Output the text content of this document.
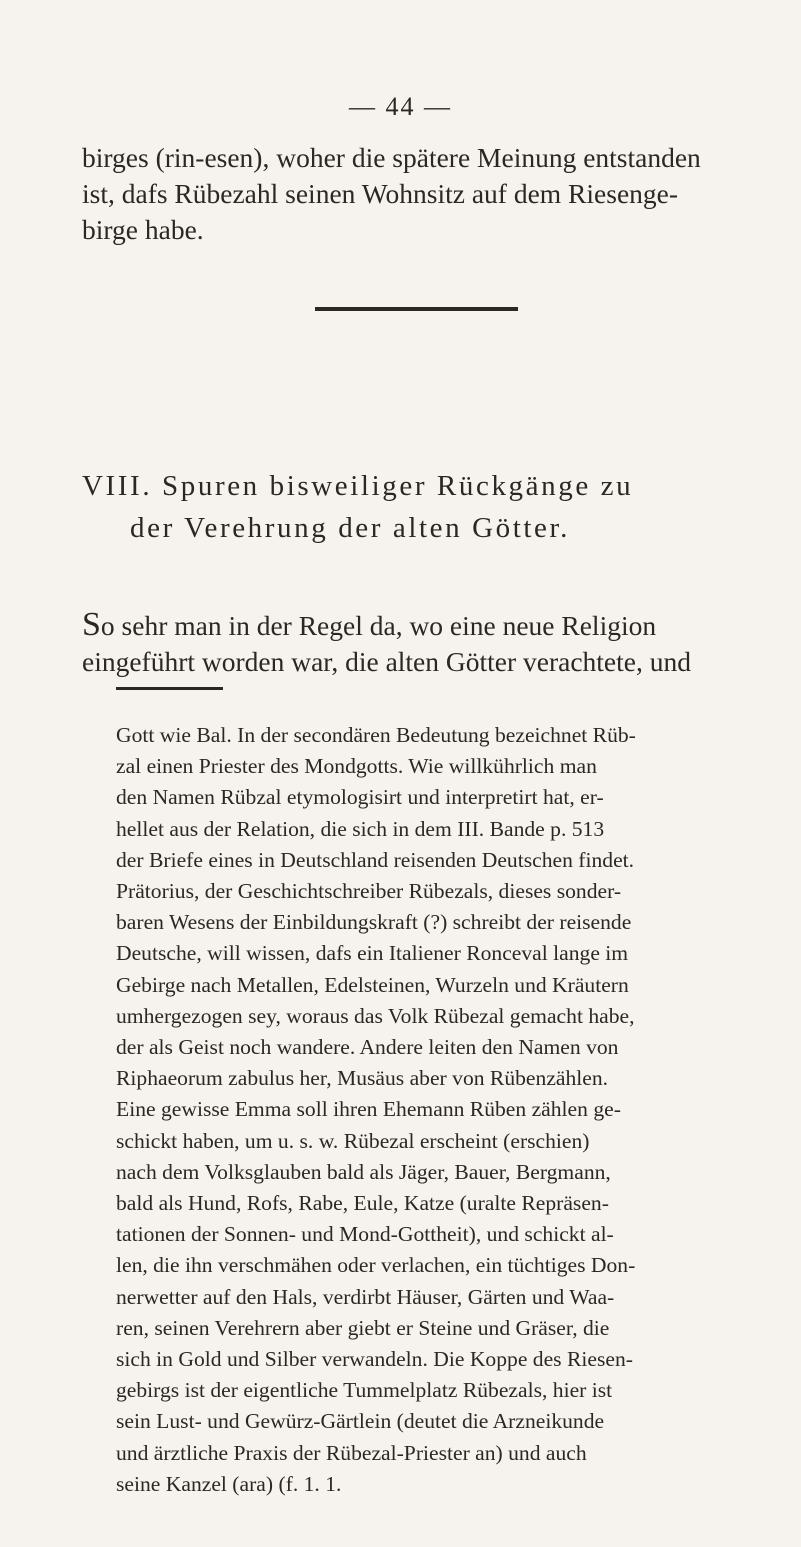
— 44 —
birges (rin-esen), woher die spätere Meinung entstanden
ist, dafs Rübezahl seinen Wohnsitz auf dem Riesenge-
birge habe.
VIII. Spuren bisweiliger Rückgänge zu
der Verehrung der alten Götter.
So sehr man in der Regel da, wo eine neue Religion
eingeführt worden war, die alten Götter verachtete, und
Gott wie Bal. In der secondären Bedeutung bezeichnet Rüb-
zal einen Priester des Mondgotts. Wie willkührlich man
den Namen Rübzal etymologisirt und interpretirt hat, er-
hellet aus der Relation, die sich in dem III. Bande p. 513
der Briefe eines in Deutschland reisenden Deutschen findet.
Prätorius, der Geschichtschreiber Rübezals, dieses sonder-
baren Wesens der Einbildungskraft (?) schreibt der reisende
Deutsche, will wissen, dafs ein Italiener Ronceval lange im
Gebirge nach Metallen, Edelsteinen, Wurzeln und Kräutern
umhergezogen sey, woraus das Volk Rübezal gemacht habe,
der als Geist noch wandere. Andere leiten den Namen von
Riphaeorum zabulus her, Musäus aber von Rübenzählen.
Eine gewisse Emma soll ihren Ehemann Rüben zählen ge-
schickt haben, um u. s. w. Rübezal erscheint (erschien)
nach dem Volksglauben bald als Jäger, Bauer, Bergmann,
bald als Hund, Rofs, Rabe, Eule, Katze (uralte Repräsen-
tationen der Sonnen- und Mond-Gottheit), und schickt al-
len, die ihn verschmähen oder verlachen, ein tüchtiges Don-
nerwetter auf den Hals, verdirbt Häuser, Gärten und Waa-
ren, seinen Verehrern aber giebt er Steine und Gräser, die
sich in Gold und Silber verwandeln. Die Koppe des Riesen-
gebirgs ist der eigentliche Tummelplatz Rübezals, hier ist
sein Lust- und Gewürz-Gärtlein (deutet die Arzneikunde
und ärztliche Praxis der Rübezal-Priester an) und auch
seine Kanzel (ara) (f. 1. 1.
